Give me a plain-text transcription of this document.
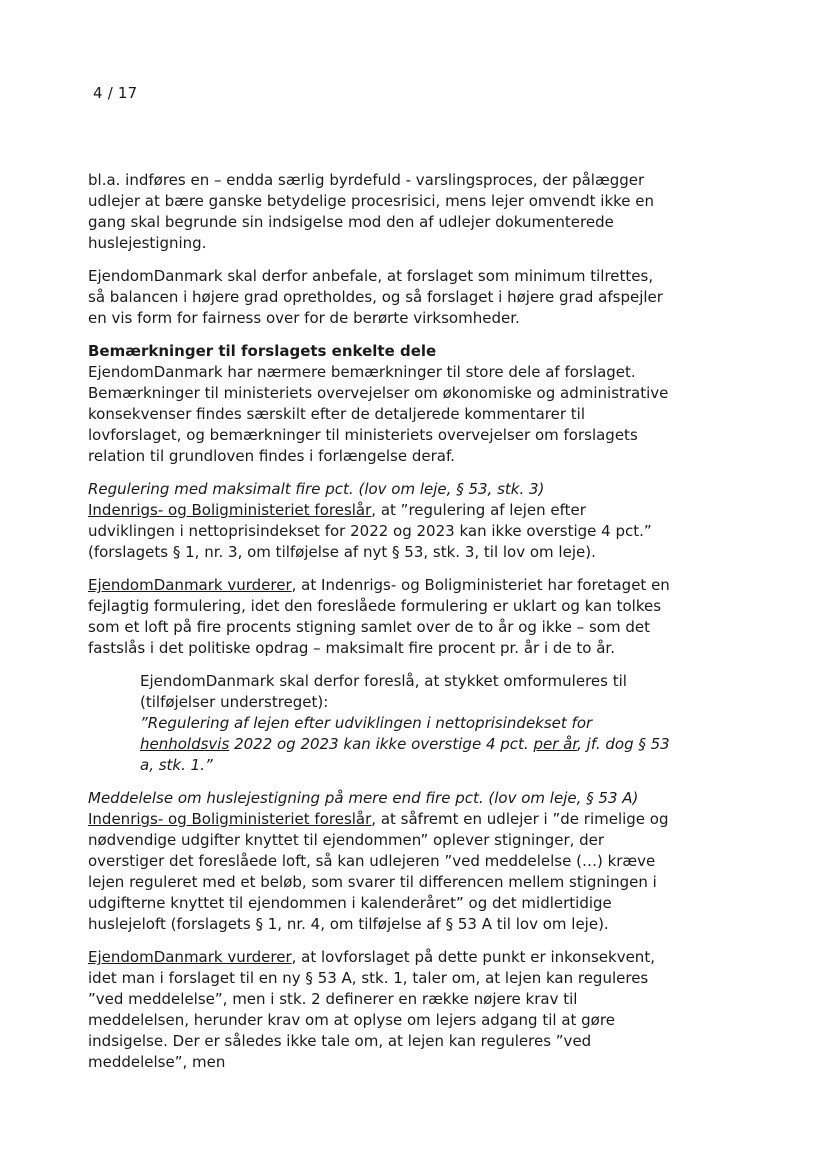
4 / 17

bl.a. indføres en – endda særlig byrdefuld - varslingsproces, der pålægger udlejer at bære ganske betydelige procesrisici, mens lejer omvendt ikke en gang skal begrunde sin indsigelse mod den af udlejer dokumenterede huslejestigning.

EjendomDanmark skal derfor anbefale, at forslaget som minimum tilrettes, så balancen i højere grad opretholdes, og så forslaget i højere grad afspejler en vis form for fairness over for de berørte virksomheder.

Bemærkninger til forslagets enkelte dele
EjendomDanmark har nærmere bemærkninger til store dele af forslaget. Bemærkninger til ministeriets overvejelser om økonomiske og administrative konsekvenser findes særskilt efter de detaljerede kommentarer til lovforslaget, og bemærkninger til ministeriets overvejelser om forslagets relation til grundloven findes i forlængelse deraf.

Regulering med maksimalt fire pct. (lov om leje, § 53, stk. 3)
Indenrigs- og Boligministeriet foreslår, at ”regulering af lejen efter udviklingen i nettoprisindekset for 2022 og 2023 kan ikke overstige 4 pct.” (forslagets § 1, nr. 3, om tilføjelse af nyt § 53, stk. 3, til lov om leje).

EjendomDanmark vurderer, at Indenrigs- og Boligministeriet har foretaget en fejlagtig formulering, idet den foreslåede formulering er uklart og kan tolkes som et loft på fire procents stigning samlet over de to år og ikke – som det fastslås i det politiske opdrag – maksimalt fire procent pr. år i de to år.

EjendomDanmark skal derfor foreslå, at stykket omformuleres til (tilføjelser understreget):
”Regulering af lejen efter udviklingen i nettoprisindekset for henholdsvis 2022 og 2023 kan ikke overstige 4 pct. per år, jf. dog § 53 a, stk. 1.”

Meddelelse om huslejestigning på mere end fire pct. (lov om leje, § 53 A)
Indenrigs- og Boligministeriet foreslår, at såfremt en udlejer i ”de rimelige og nødvendige udgifter knyttet til ejendommen” oplever stigninger, der overstiger det foreslåede loft, så kan udlejeren ”ved meddelelse (…) kræve lejen reguleret med et beløb, som svarer til differencen mellem stigningen i udgifterne knyttet til ejendommen i kalenderåret” og det midlertidige huslejeloft (forslagets § 1, nr. 4, om tilføjelse af § 53 A til lov om leje).

EjendomDanmark vurderer, at lovforslaget på dette punkt er inkonsekvent, idet man i forslaget til en ny § 53 A, stk. 1, taler om, at lejen kan reguleres ”ved meddelelse”, men i stk. 2 definerer en række nøjere krav til meddelelsen, herunder krav om at oplyse om lejers adgang til at gøre indsigelse. Der er således ikke tale om, at lejen kan reguleres ”ved meddelelse”, men
